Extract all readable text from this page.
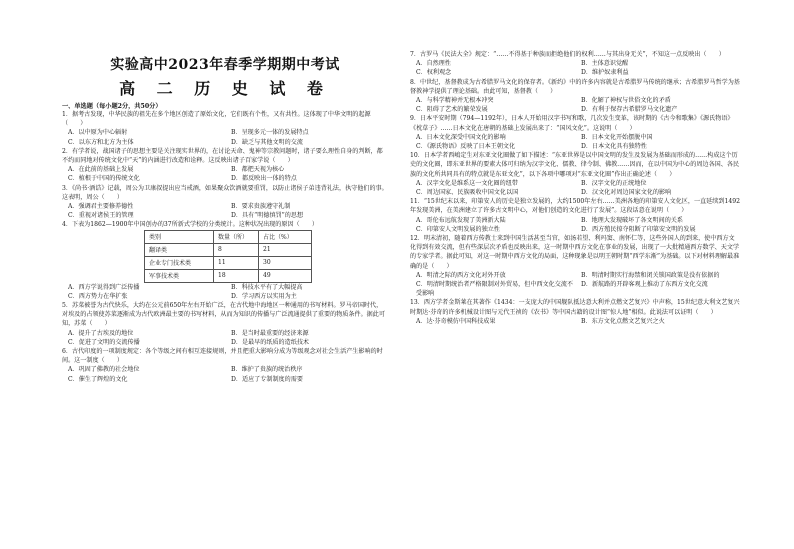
实验高中2023年春季学期期中考试
高 二 历 史 试 卷
一、单选题（每小题2分，共50分）

1．据考古发现，中华民族的祖先在多个地区创造了原始文化，它们既有个性，又有共性。这体现了中华文明的起源（　　）

A．以中原为中心辐射	B．呈现多元一体的发展特点
C．以东方和北方为主体	D．缺乏与其他文明的交流

2．有学者说，战国诸子的思想主要是关注现实世界的，在讨论天命、鬼神等宗教问题时，诸子要么理性自身的判断，都不约而同地对传统文化中“天”的内涵进行改造和诠释。这反映出诸子百家学说（　　）

A．在此前的基础上发展	B．都把天视为核心
C．植根于中国的传统文化	D．都反映出一体的特点

3．《尚书·酒诰》记载，周公为卫康叔提出应当戒酒，如果聚众饮酒就要重罚，以防止诸侯子弟违背礼法，执守他们的事。这表明，周公（　　）

A．强调君主要修养德性	B．要求贵族遵守礼制
C．重视对诸侯王的管理	D．具有“明德慎罚”的思想

4．下表为1862—1900年中国创办的37所新式学校的分类统计。这种状况出现的原因（　　）

类别	数量（所）	占比（%）
翻译类	8	21
企业专门技术类	11	30
军事技术类	18	49
A．西方学说得到广泛传播	B．科技水平有了大幅提高
C．西方势力在华扩张	D．学习西方以实用为主

5．苏菜被誉为古代快乐，大约在公元前650年左右开始广泛，在古代地中海地区一种通用的书写材料。罗马帝国时代，对埃及的占领使苏菜逐渐成为古代欧洲最主要的书写材料，从而为知识的传播与广泛流通提供了重要的物质条件。据此可知，苏菜（　　）

A．提升了古埃及的地位	B．是当时最重要的经济来源
C．促进了文明的交流传播	D．是最早的纸质的造纸技术

6．古代印度的一项制度规定：各个等级之间有相互连接规则，并且把重大影响分成为等级观念对社会生活产生影响的时间。这一制度（　　）

A．巩固了佛教的社会地位	B．维护了贵族的统治秩序
C．催生了辉煌的文化	D．适应了专制制度的需要

7．古罗马《民法大全》规定：“……不得基于种族而拒绝他们的权利……与其出身无关”，不知这一点反映出（　　）

A．自然理性	B．主体意识觉醒
C．权利观念	D．维护奴隶利益

8．中世纪，基督教成为古希腊罗马文化的保存者。《新约》中的许多内容就是古希腊罗马传统的继承；古希腊罗马哲学为基督教神学提供了理论基础。由此可知，基督教（　　）

A．与科学精神并无根本冲突	B．化解了神权与世俗文化的矛盾
C．阻碍了艺术的繁荣发展	D．有利于保存古希腊罗马文化遗产

9．日本平安时期（794—1192年），日本人开始用汉字书写和歌，几次发生变革，该时期的《古今和歌集》《源氏物语》《枕草子》……日本文化在唐朝的基础上发展出来了：“国风文化”。这说明（　　）

A．日本文化深受中国文化的影响	B．日本文化开始摆脱中国
C．《源氏物语》反映了日本王朝文化	D．日本文化具有独特性

10．日本学者西嶋定生对东亚文化圈做了如下描述：“东亚世界是以中国文明的发生及发展为基础而形成的……构成这个历史的文化圈，即东亚世界的要素大体可归纳为汉字文化、儒教、律令制、佛教……因而，在以中国为中心的周边各国、各民族的文化所共同具有的特点就是东亚文化”，以下各项中哪项对“东亚文化圈”作出正确论述（　　）

A．汉字文化是维系这一文化圈的纽带	B．汉字文化的正统地位
C．周边国家、民族吸收中国文化以国	D．汉文化对周边国家文化的影响

11．“15世纪末以来，印第安人的历史是独立发展的，大约1500年左右……美洲各地的印第安人文化区，一直延续到1492年发现美洲，在美洲建立了许多古文明中心，对他们创造的文化进行了发展”。这段话意在说明（　　）

A．哥伦布远航发现了美洲新大陆	B．地理大发现破坏了各文明间的关系
C．印第安人文明发展的独立性	D．西方殖民掠夺阻断了印第安文明的发展

12．明末清初，随着西方传教士来到中国生活甚至当官，如汤若望、利玛窦、南怀仁等，这些外国人的到来，使中西方文化得到有效交流，但有些深层次矛盾也反映出来，这一时期中西方文化在事业的发展，出现了一大批精通西方数学、天文学的专家学者。据此可知，对这一时期中西方文化的局面，这种现象是以明王朝时期“西学东渐”为基础。以下对材料理解最准确的是（　　）

A．明清之际的西方文化对外开放	B．明清时期实行海禁和闭关锁国政策是没有依据的
C．明清时期统治者严格限制对外贸易，但中西文化交流不受影响
D．新航路的开辟客观上推动了东西方文化交流

13．西方学者金斯莱在其著作《1434：一支庞大的中国舰队抵达意大利并点燃文艺复兴》中声称，15世纪意大利文艺复兴时期达·芬奇的许多机械设计图与元代王祯的《农书》等中国古籍的设计图“惊人地”相似。此说法可以证明（　　）

A．达·芬奇模仿中国科技成果	B．东方文化点燃文艺复兴之火
